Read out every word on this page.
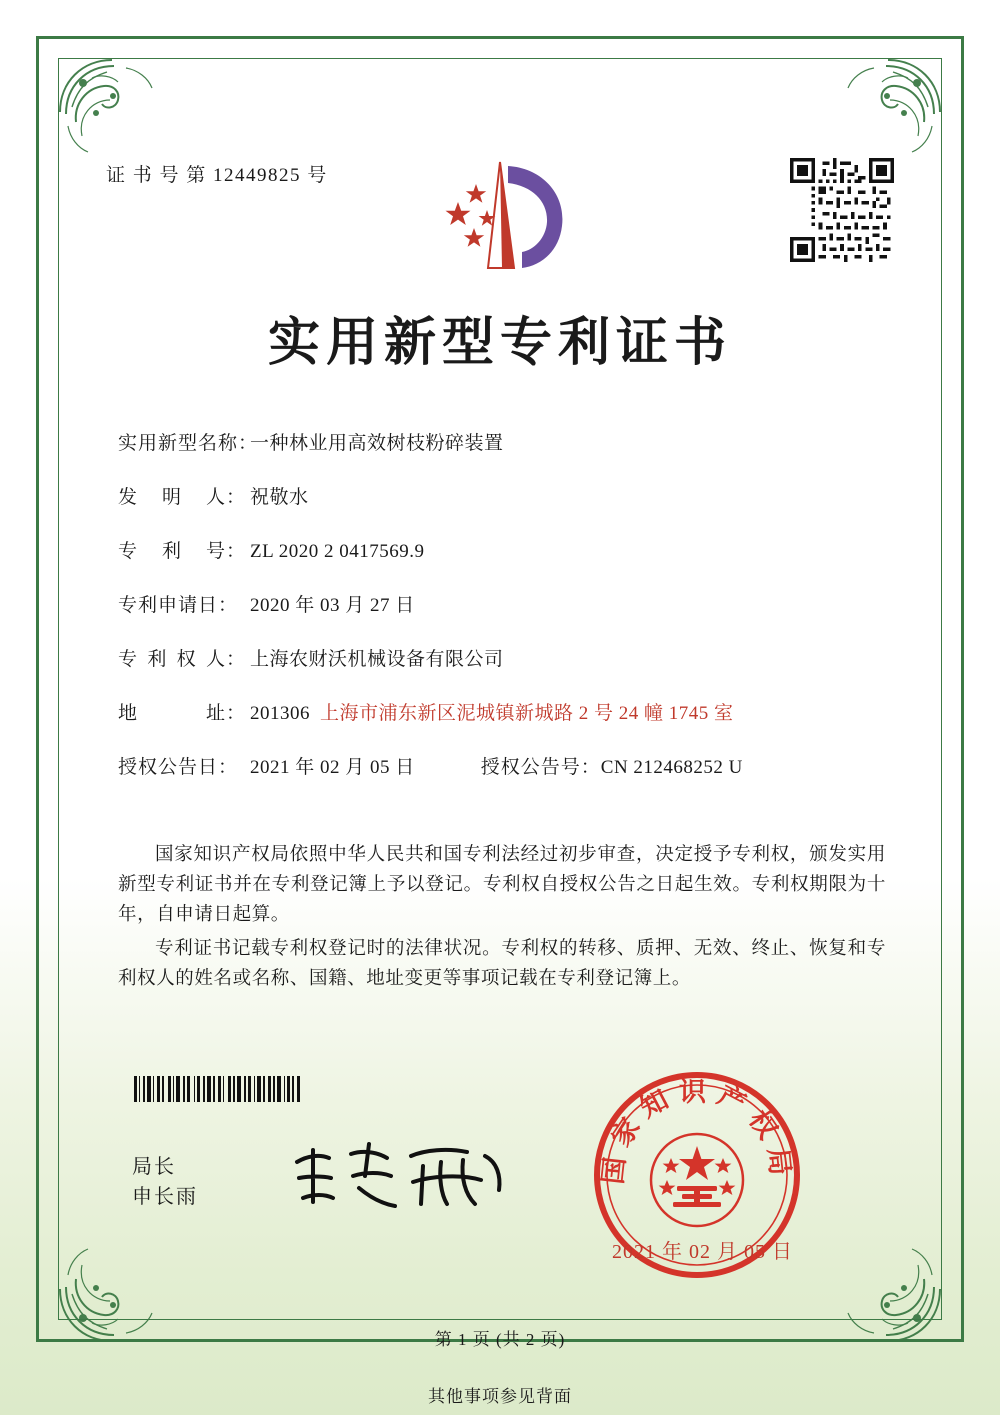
证 书 号 第 12449825 号
实用新型专利证书
实用新型名称：
一种林业用高效树枝粉碎装置
发 明 人： 祝敬水
专 利 号： ZL 2020 2 0417569.9
专利申请日： 2020 年 03 月 27 日
专 利 权 人： 上海农财沃机械设备有限公司
地	址： 201306 上海市浦东新区泥城镇新城路 2 号 24 幢 1745 室
授权公告日： 2021 年 02 月 05 日	授权公告号： CN 212468252 U

国家知识产权局依照中华人民共和国专利法经过初步审查，决定授予专利权，颁发实用新型专利证书并在专利登记簿上予以登记。专利权自授权公告之日起生效。专利权期限为十年，自申请日起算。

专利证书记载专利权登记时的法律状况。专利权的转移、质押、无效、终止、恢复和专利权人的姓名或名称、国籍、地址变更等事项记载在专利登记簿上。

局长
申长雨
国家知识产权局
2021 年 02 月 05 日
第 1 页 (共 2 页)
其他事项参见背面
